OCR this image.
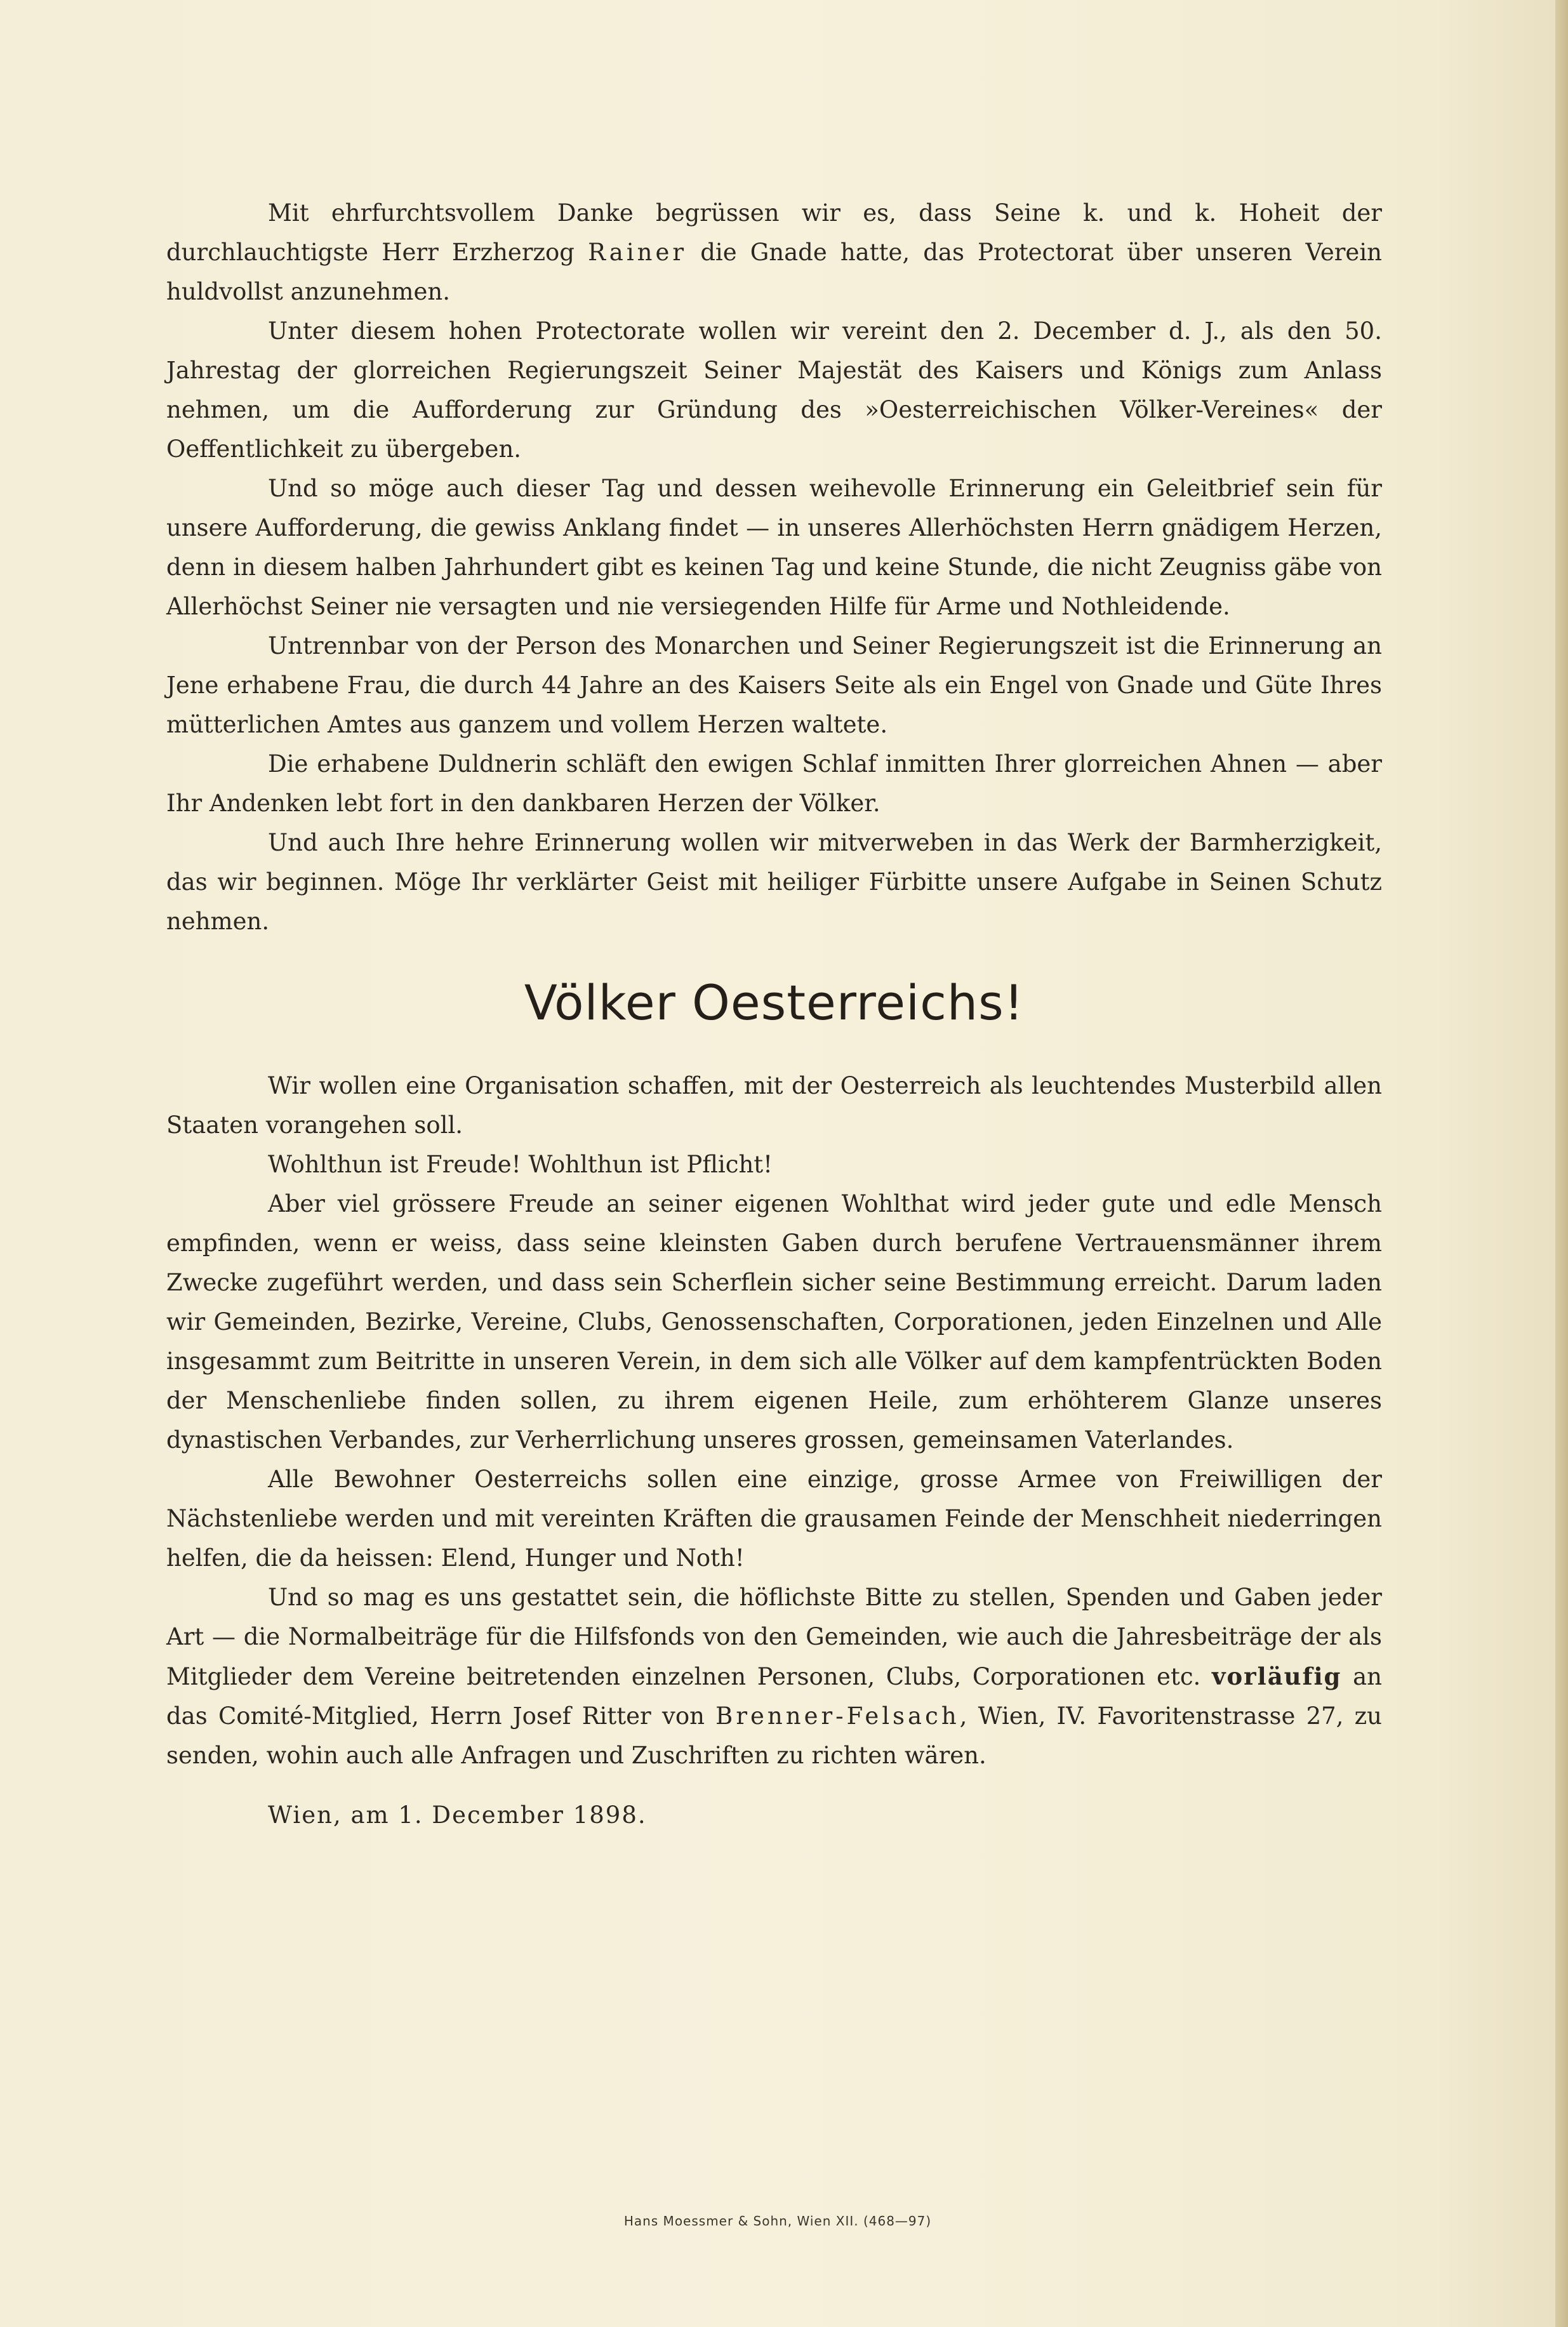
Mit ehrfurchtsvollem Danke begrüssen wir es, dass Seine k. und k. Hoheit der durchlauchtigste Herr Erzherzog Rainer die Gnade hatte, das Protectorat über unseren Verein huldvollst anzunehmen.

Unter diesem hohen Protectorate wollen wir vereint den 2. December d. J., als den 50. Jahrestag der glorreichen Regierungszeit Seiner Majestät des Kaisers und Königs zum Anlass nehmen, um die Aufforderung zur Gründung des »Oesterreichischen Völker-Vereines« der Oeffentlichkeit zu übergeben.

Und so möge auch dieser Tag und dessen weihevolle Erinnerung ein Geleitbrief sein für unsere Aufforderung, die gewiss Anklang findet — in unseres Allerhöchsten Herrn gnädigem Herzen, denn in diesem halben Jahrhundert gibt es keinen Tag und keine Stunde, die nicht Zeugniss gäbe von Allerhöchst Seiner nie versagten und nie versiegenden Hilfe für Arme und Nothleidende.

Untrennbar von der Person des Monarchen und Seiner Regierungszeit ist die Erinnerung an Jene erhabene Frau, die durch 44 Jahre an des Kaisers Seite als ein Engel von Gnade und Güte Ihres mütterlichen Amtes aus ganzem und vollem Herzen waltete.

Die erhabene Duldnerin schläft den ewigen Schlaf inmitten Ihrer glorreichen Ahnen — aber Ihr Andenken lebt fort in den dankbaren Herzen der Völker.

Und auch Ihre hehre Erinnerung wollen wir mitverweben in das Werk der Barmherzigkeit, das wir beginnen. Möge Ihr verklärter Geist mit heiliger Fürbitte unsere Aufgabe in Seinen Schutz nehmen.

Völker Oesterreichs!

Wir wollen eine Organisation schaffen, mit der Oesterreich als leuchtendes Musterbild allen Staaten vorangehen soll.

Wohlthun ist Freude! Wohlthun ist Pflicht!

Aber viel grössere Freude an seiner eigenen Wohlthat wird jeder gute und edle Mensch empfinden, wenn er weiss, dass seine kleinsten Gaben durch berufene Vertrauensmänner ihrem Zwecke zugeführt werden, und dass sein Scherflein sicher seine Bestimmung erreicht. Darum laden wir Gemeinden, Bezirke, Vereine, Clubs, Genossenschaften, Corporationen, jeden Einzelnen und Alle insgesammt zum Beitritte in unseren Verein, in dem sich alle Völker auf dem kampfentrückten Boden der Menschenliebe finden sollen, zu ihrem eigenen Heile, zum erhöhterem Glanze unseres dynastischen Verbandes, zur Verherrlichung unseres grossen, gemeinsamen Vaterlandes.

Alle Bewohner Oesterreichs sollen eine einzige, grosse Armee von Freiwilligen der Nächstenliebe werden und mit vereinten Kräften die grausamen Feinde der Menschheit niederringen helfen, die da heissen: Elend, Hunger und Noth!

Und so mag es uns gestattet sein, die höflichste Bitte zu stellen, Spenden und Gaben jeder Art — die Normalbeiträge für die Hilfsfonds von den Gemeinden, wie auch die Jahresbeiträge der als Mitglieder dem Vereine beitretenden einzelnen Personen, Clubs, Corporationen etc. vorläufig an das Comité-Mitglied, Herrn Josef Ritter von Brenner-Felsach, Wien, IV. Favoritenstrasse 27, zu senden, wohin auch alle Anfragen und Zuschriften zu richten wären.

Wien, am 1. December 1898.
Hans Moessmer & Sohn, Wien XII. (468—97)
